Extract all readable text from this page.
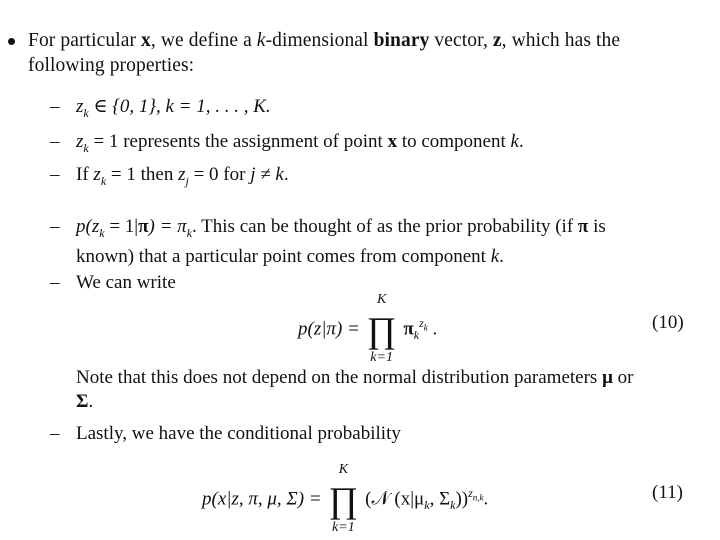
For particular x, we define a k-dimensional binary vector, z, which has the
following properties:
– $z_k$ ∈ {0, 1}, k = 1, . . . , K.
– $z_k = 1$ represents the assignment of point x to component k.
– If $z_k = 1$ then $z_j = 0$ for j ≠ k.
– $p(z_k = 1|\pi) = \pi_k$. This can be thought of as the prior probability (if π is
known) that a particular point comes from component k.
– We can write
p(z|π) =
K
∏
k=1
$\pi_k^{z_k}$ .	(10)
Note that this does not depend on the normal distribution parameters μ or
Σ.
– Lastly, we have the conditional probability
p(x|z, π, μ, Σ) =
K
∏
k=1
(𝒩 ($x|\mu_k$, $\Sigma_k))^{z_{n,k}}$.	(11)
